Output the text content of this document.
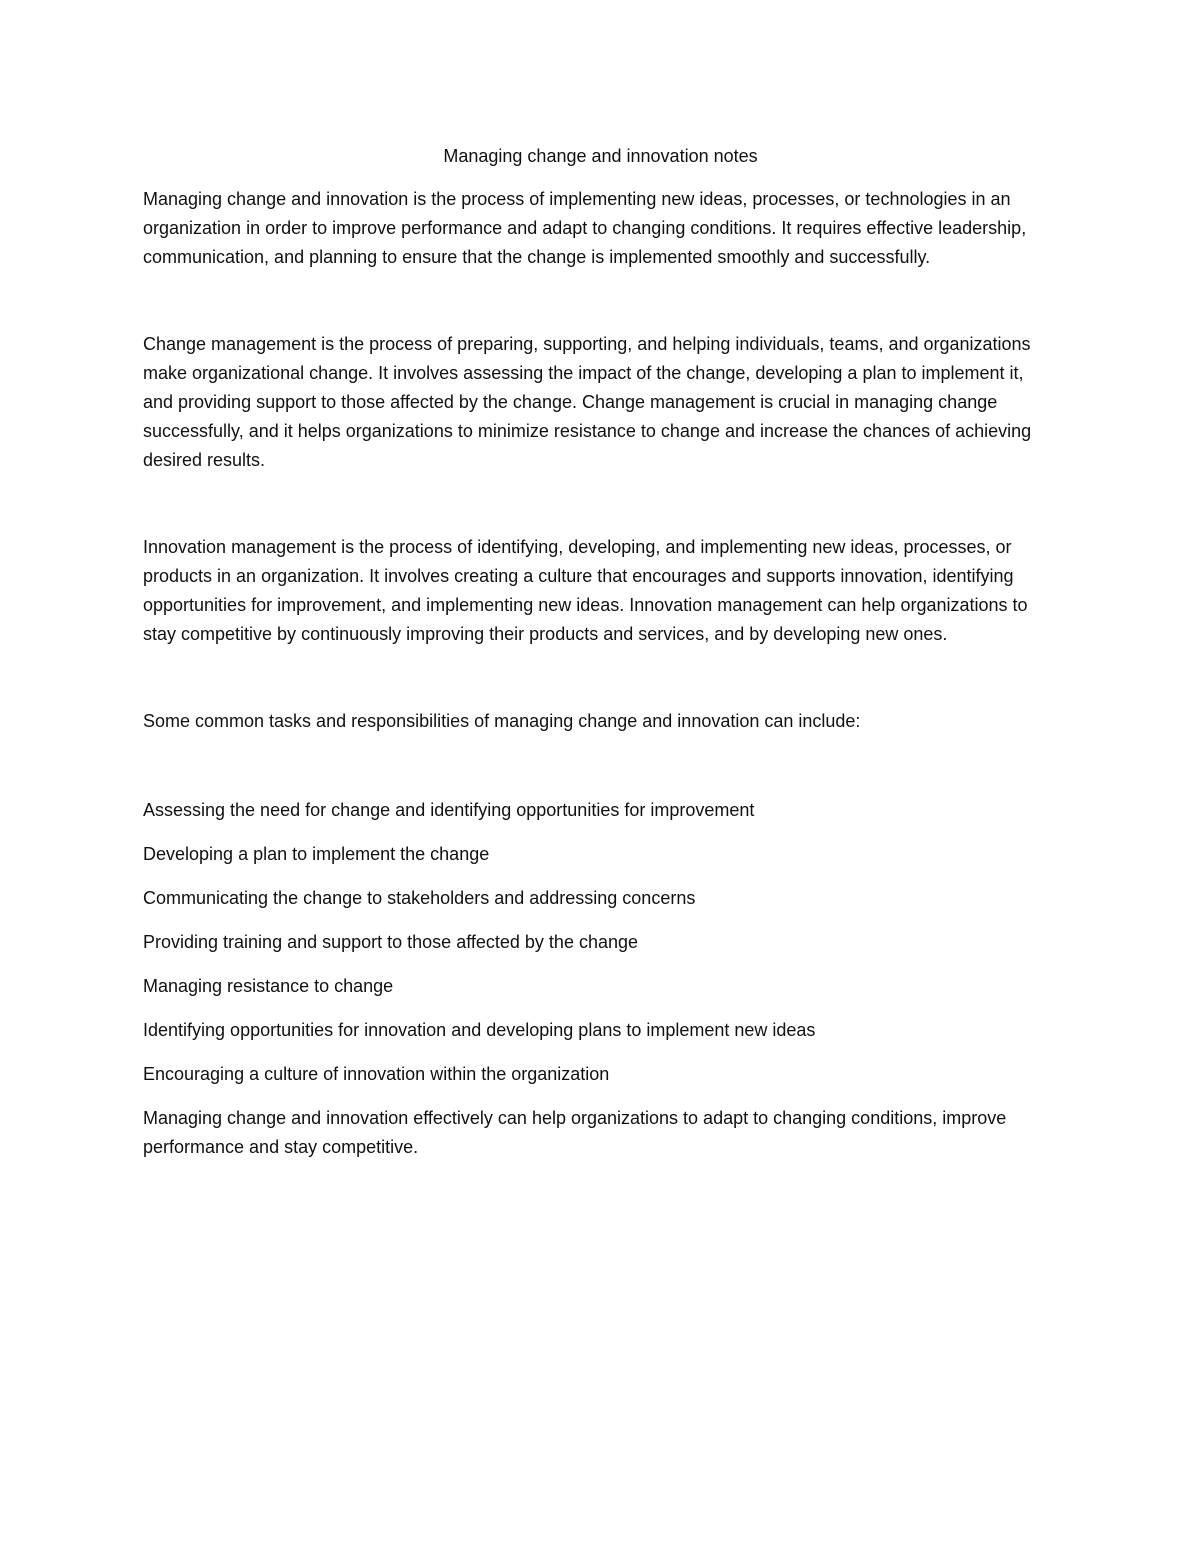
Managing change and innovation notes

Managing change and innovation is the process of implementing new ideas, processes, or technologies in an organization in order to improve performance and adapt to changing conditions. It requires effective leadership, communication, and planning to ensure that the change is implemented smoothly and successfully.

Change management is the process of preparing, supporting, and helping individuals, teams, and organizations make organizational change. It involves assessing the impact of the change, developing a plan to implement it, and providing support to those affected by the change. Change management is crucial in managing change successfully, and it helps organizations to minimize resistance to change and increase the chances of achieving desired results.

Innovation management is the process of identifying, developing, and implementing new ideas, processes, or products in an organization. It involves creating a culture that encourages and supports innovation, identifying opportunities for improvement, and implementing new ideas. Innovation management can help organizations to stay competitive by continuously improving their products and services, and by developing new ones.

Some common tasks and responsibilities of managing change and innovation can include:

Assessing the need for change and identifying opportunities for improvement
Developing a plan to implement the change
Communicating the change to stakeholders and addressing concerns
Providing training and support to those affected by the change
Managing resistance to change
Identifying opportunities for innovation and developing plans to implement new ideas
Encouraging a culture of innovation within the organization

Managing change and innovation effectively can help organizations to adapt to changing conditions, improve performance and stay competitive.
